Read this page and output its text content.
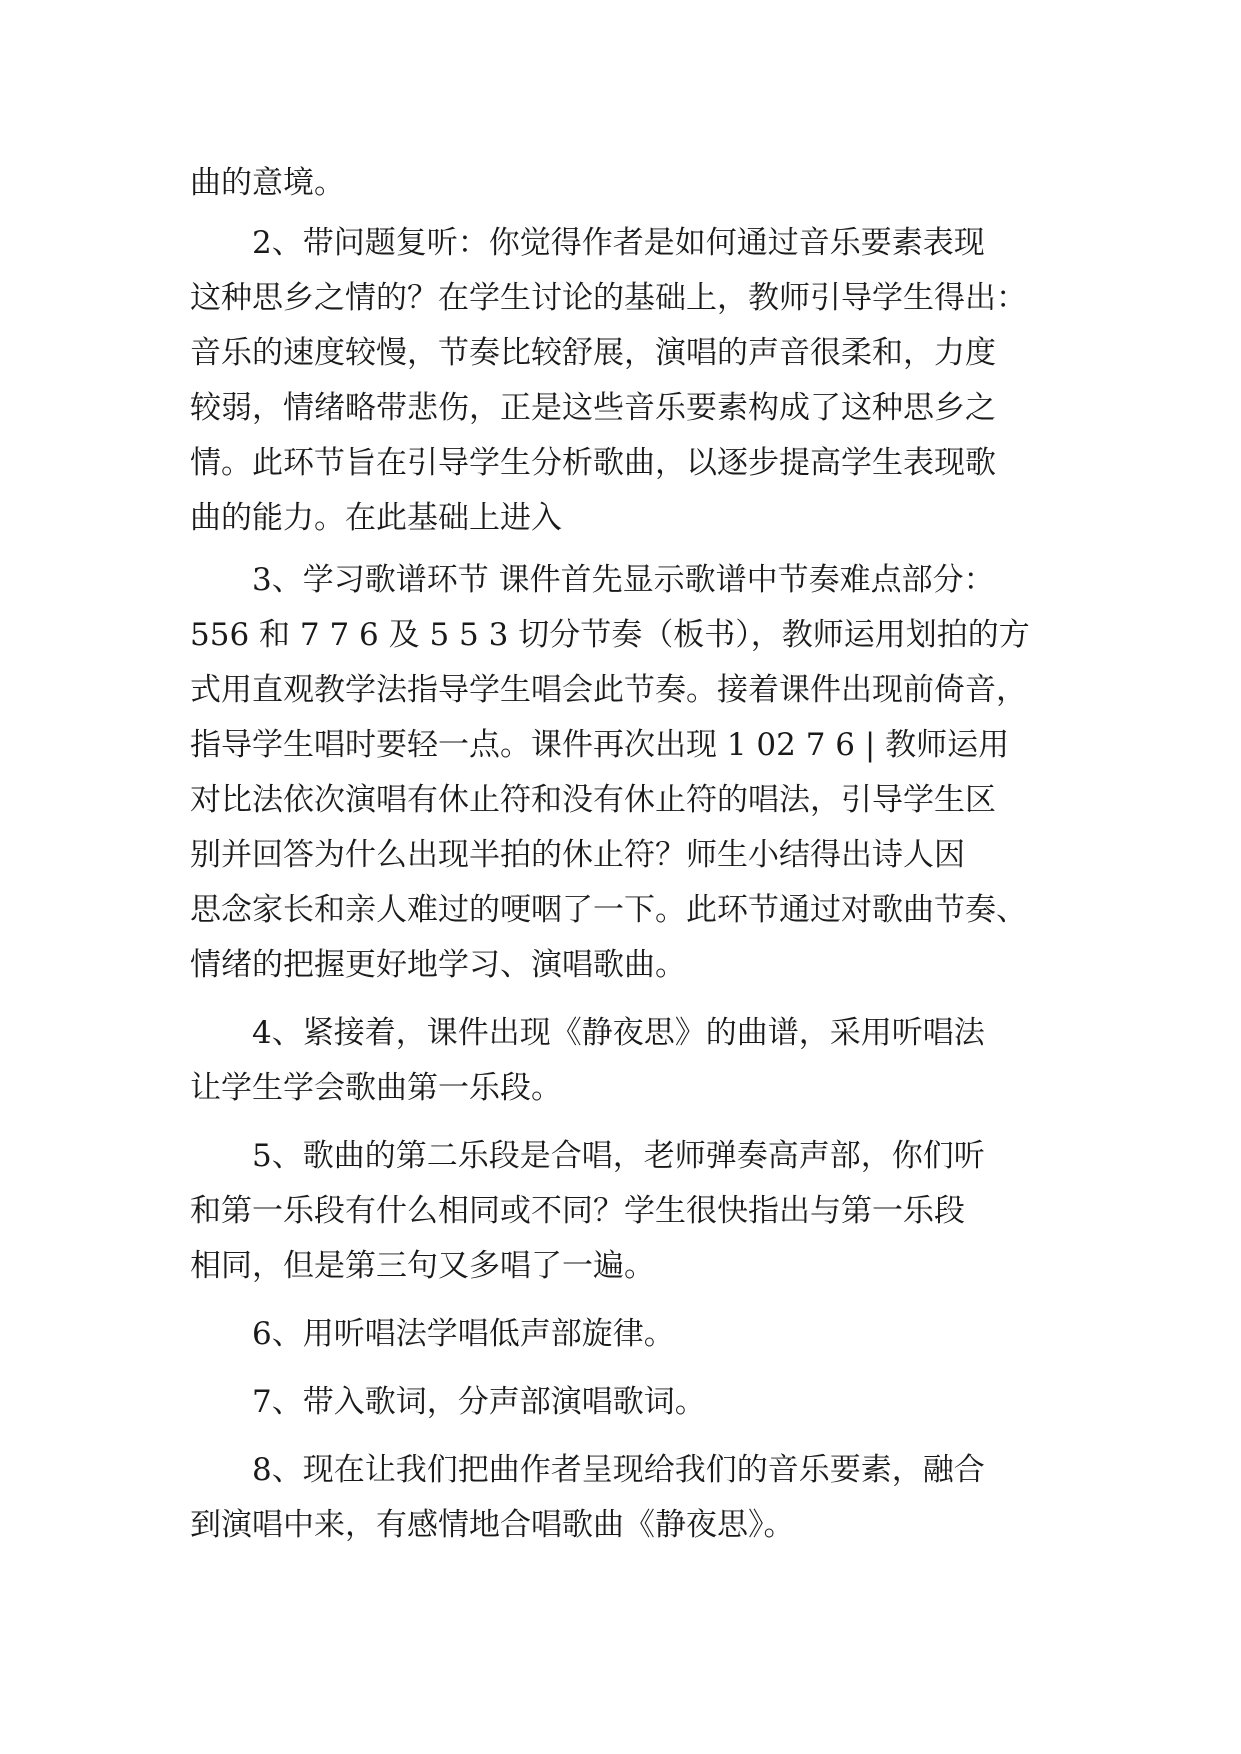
曲的意境。
2、带问题复听：你觉得作者是如何通过音乐要素表现
这种思乡之情的？在学生讨论的基础上，教师引导学生得出：
音乐的速度较慢，节奏比较舒展，演唱的声音很柔和，力度
较弱，情绪略带悲伤，正是这些音乐要素构成了这种思乡之
情。此环节旨在引导学生分析歌曲，以逐步提高学生表现歌
曲的能力。在此基础上进入
3、学习歌谱环节 课件首先显示歌谱中节奏难点部分：
556 和 7 7 6 及 5 5 3 切分节奏（板书），教师运用划拍的方
式用直观教学法指导学生唱会此节奏。接着课件出现前倚音，
指导学生唱时要轻一点。课件再次出现 1 02 7 6 | 教师运用
对比法依次演唱有休止符和没有休止符的唱法，引导学生区
别并回答为什么出现半拍的休止符？师生小结得出诗人因
思念家长和亲人难过的哽咽了一下。此环节通过对歌曲节奏、
情绪的把握更好地学习、演唱歌曲。
4、紧接着，课件出现《静夜思》的曲谱，采用听唱法
让学生学会歌曲第一乐段。
5、歌曲的第二乐段是合唱，老师弹奏高声部，你们听
和第一乐段有什么相同或不同？学生很快指出与第一乐段
相同，但是第三句又多唱了一遍。
6、用听唱法学唱低声部旋律。
7、带入歌词，分声部演唱歌词。
8、现在让我们把曲作者呈现给我们的音乐要素，融合
到演唱中来，有感情地合唱歌曲《静夜思》。
